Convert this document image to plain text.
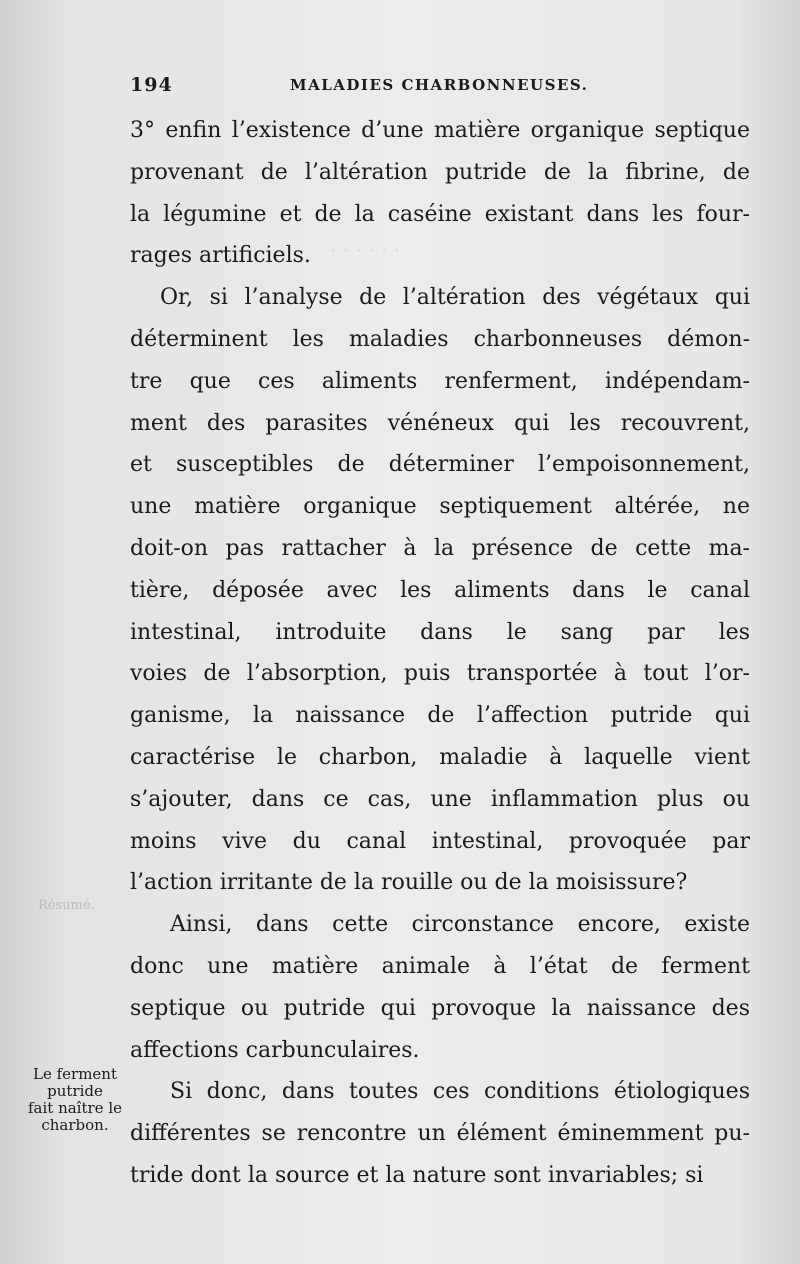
· · · · · ·
194	MALADIES CHARBONNEUSES.
Résumé.
3° enfin l’existence d’une matière organique septique
provenant de l’altération putride de la fibrine, de
la légumine et de la caséine existant dans les four-
rages artificiels.
Or, si l’analyse de l’altération des végétaux qui
déterminent les maladies charbonneuses démon-
tre que ces aliments renferment, indépendam-
ment des parasites vénéneux qui les recouvrent,
et susceptibles de déterminer l’empoisonnement,
une matière organique septiquement altérée, ne
doit-on pas rattacher à la présence de cette ma-
tière, déposée avec les aliments dans le canal
intestinal, introduite dans le sang par les
voies de l’absorption, puis transportée à tout l’or-
ganisme, la naissance de l’affection putride qui
caractérise le charbon, maladie à laquelle vient
s’ajouter, dans ce cas, une inflammation plus ou
moins vive du canal intestinal, provoquée par
l’action irritante de la rouille ou de la moisissure?
Ainsi, dans cette circonstance encore, existe
donc une matière animale à l’état de ferment
septique ou putride qui provoque la naissance des
affections carbunculaires.
Si donc, dans toutes ces conditions étiologiques
différentes se rencontre un élément éminemment pu-
tride dont la source et la nature sont invariables; si
Le ferment
putride
fait naître le
charbon.
